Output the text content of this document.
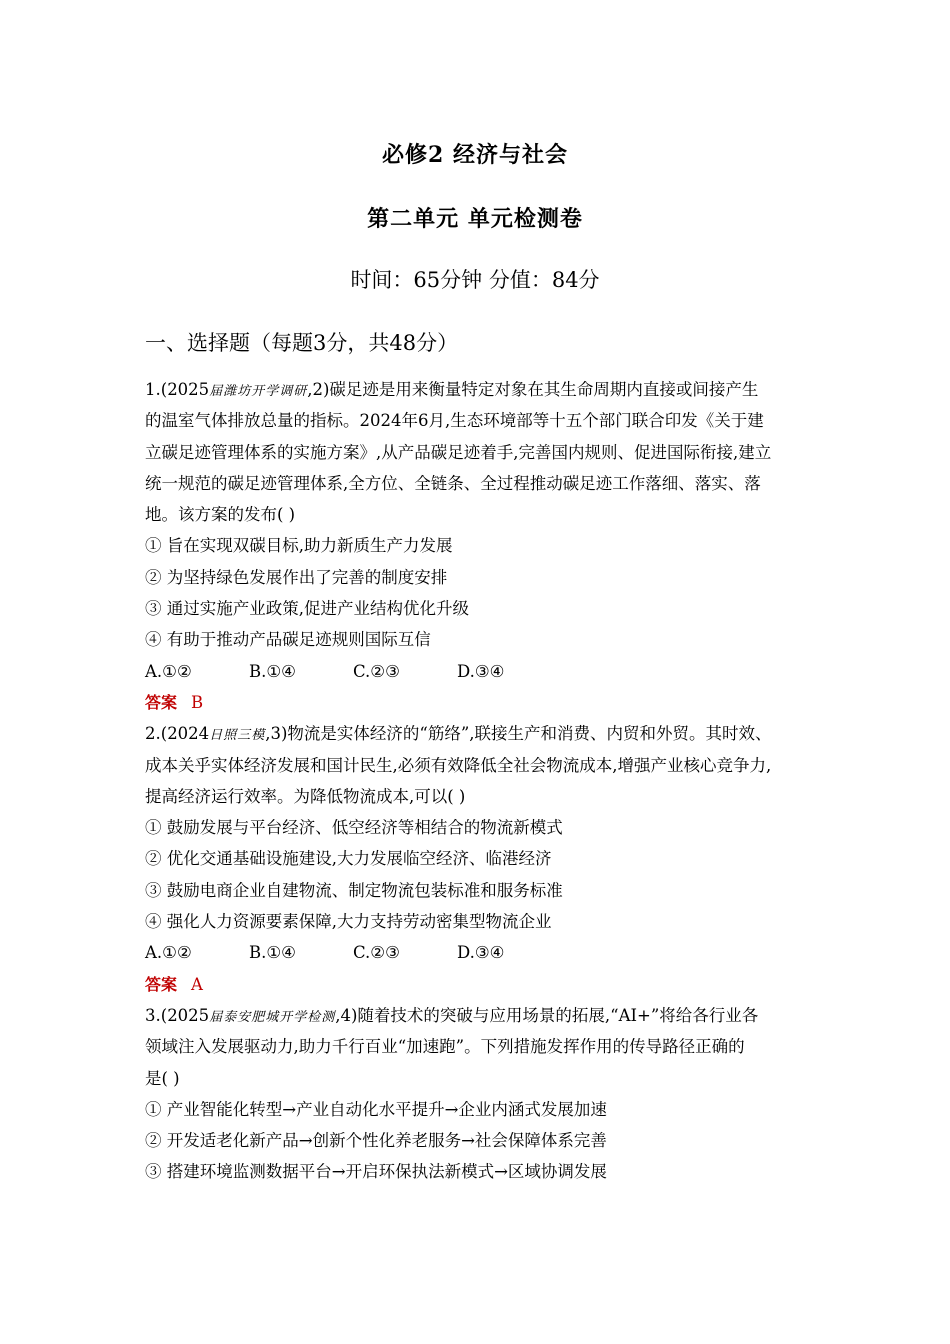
必修2 经济与社会
第二单元 单元检测卷
时间：65分钟 分值：84分
一、选择题（每题3分，共48分）
1.(2025届潍坊开学调研,2)碳足迹是用来衡量特定对象在其生命周期内直接或间接产生
的温室气体排放总量的指标。2024年6月,生态环境部等十五个部门联合印发《关于建
立碳足迹管理体系的实施方案》,从产品碳足迹着手,完善国内规则、促进国际衔接,建立
统一规范的碳足迹管理体系,全方位、全链条、全过程推动碳足迹工作落细、落实、落
地。该方案的发布( )
① 旨在实现双碳目标,助力新质生产力发展
② 为坚持绿色发展作出了完善的制度安排
③ 通过实施产业政策,促进产业结构优化升级
④ 有助于推动产品碳足迹规则国际互信
A.①②	B.①④	C.②③	D.③④
答案 B
2.(2024日照三模,3)物流是实体经济的“筋络”,联接生产和消费、内贸和外贸。其时效、
成本关乎实体经济发展和国计民生,必须有效降低全社会物流成本,增强产业核心竞争力,
提高经济运行效率。为降低物流成本,可以( )
① 鼓励发展与平台经济、低空经济等相结合的物流新模式
② 优化交通基础设施建设,大力发展临空经济、临港经济
③ 鼓励电商企业自建物流、制定物流包装标准和服务标准
④ 强化人力资源要素保障,大力支持劳动密集型物流企业
A.①②	B.①④	C.②③	D.③④
答案 A
3.(2025届泰安肥城开学检测,4)随着技术的突破与应用场景的拓展,“AI+”将给各行业各
领域注入发展驱动力,助力千行百业“加速跑”。下列措施发挥作用的传导路径正确的
是( )
① 产业智能化转型→产业自动化水平提升→企业内涵式发展加速
② 开发适老化新产品→创新个性化养老服务→社会保障体系完善
③ 搭建环境监测数据平台→开启环保执法新模式→区域协调发展
